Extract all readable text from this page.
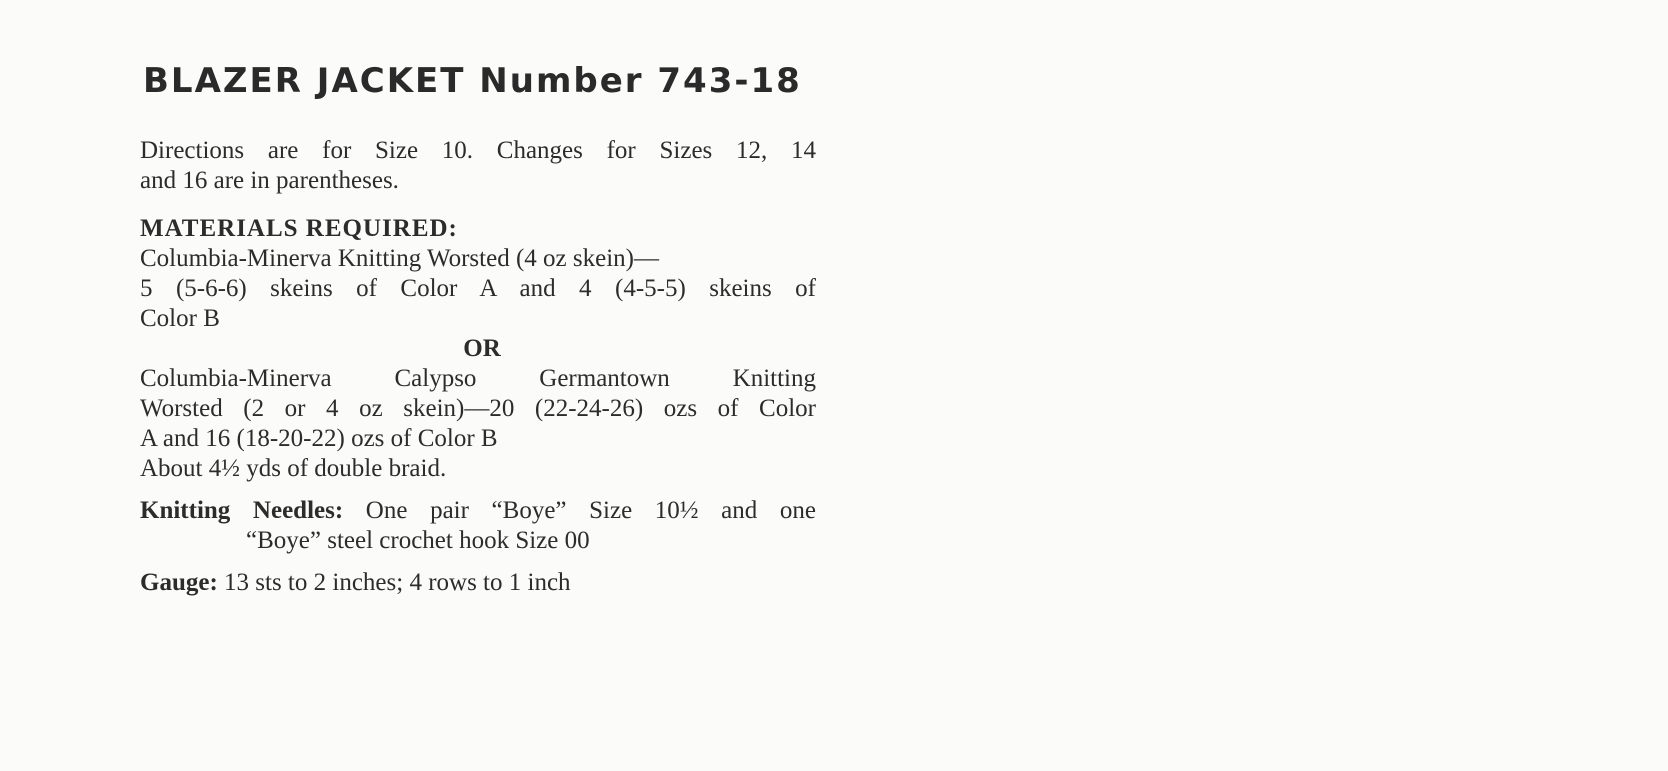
BLAZER JACKET Number 743-18

Directions are for Size 10. Changes for Sizes 12, 14
and 16 are in parentheses.

MATERIALS REQUIRED:

Columbia-Minerva Knitting Worsted (4 oz skein)—
5 (5-6-6) skeins of Color A and 4 (4-5-5) skeins of
Color B
OR
Columbia-Minerva Calypso Germantown Knitting
Worsted (2 or 4 oz skein)—20 (22-24-26) ozs of Color
A and 16 (18-20-22) ozs of Color B
About 4½ yds of double braid.
Knitting Needles: One pair “Boye” Size 10½ and one
“Boye” steel crochet hook Size 00
Gauge: 13 sts to 2 inches; 4 rows to 1 inch
